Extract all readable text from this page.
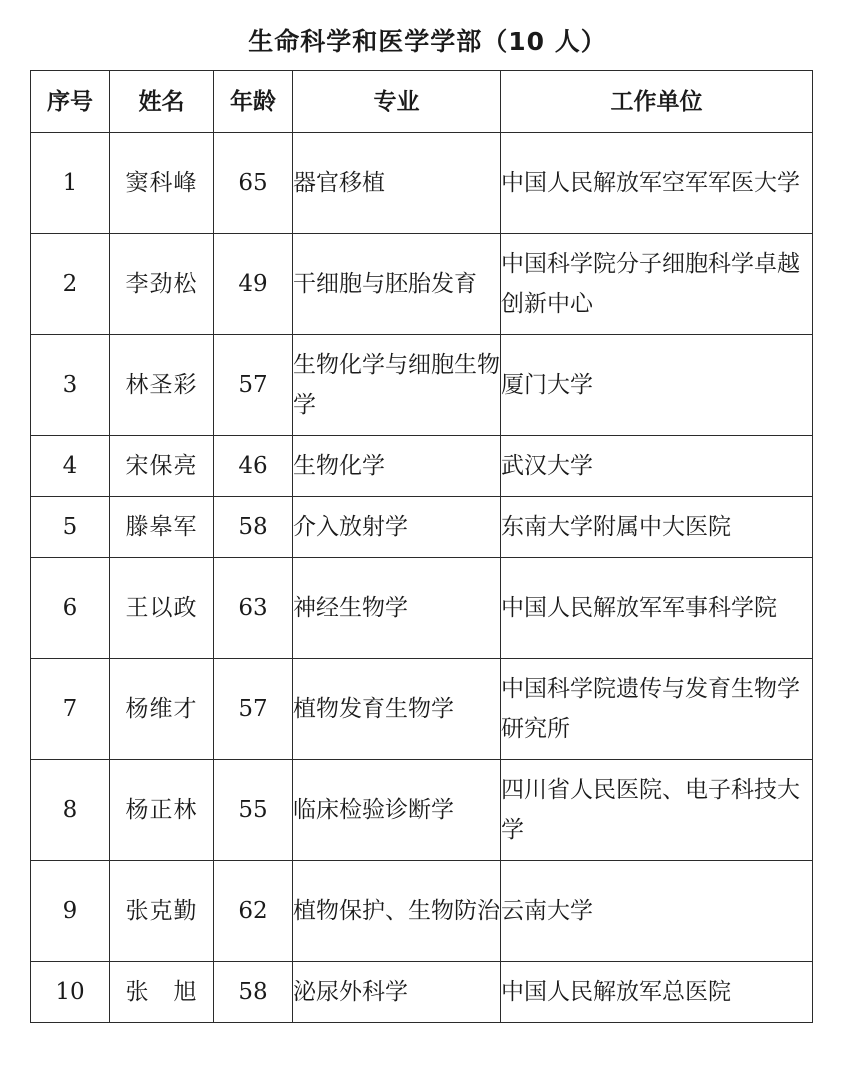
生命科学和医学学部（10 人）
序号	姓名	年龄	专业	工作单位
1	窦科峰	65	器官移植	中国人民解放军空军军医大学
2	李劲松	49	干细胞与胚胎发育	中国科学院分子细胞科学卓越创新中心
3	林圣彩	57	生物化学与细胞生物学	厦门大学
4	宋保亮	46	生物化学	武汉大学
5	滕皋军	58	介入放射学	东南大学附属中大医院
6	王以政	63	神经生物学	中国人民解放军军事科学院
7	杨维才	57	植物发育生物学	中国科学院遗传与发育生物学研究所
8	杨正林	55	临床检验诊断学	四川省人民医院、电子科技大学
9	张克勤	62	植物保护、生物防治	云南大学
10	张　旭	58	泌尿外科学	中国人民解放军总医院
